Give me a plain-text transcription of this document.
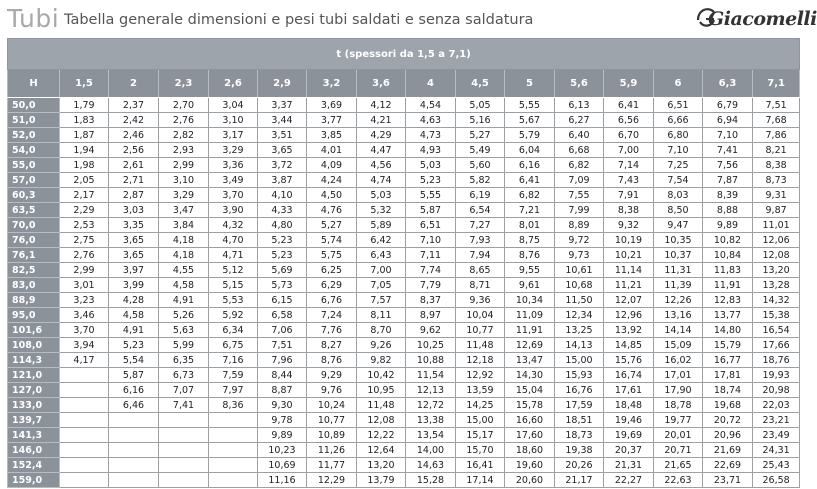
Tubi Tabella generale dimensioni e pesi tubi saldati e senza saldatura	Giacomelli
t (spessori da 1,5 a 7,1)															
H	1,5	2	2,3	2,6	2,9	3,2	3,6	4	4,5	5	5,6	5,9	6	6,3	7,1
50,0	1,79	2,37	2,70	3,04	3,37	3,69	4,12	4,54	5,05	5,55	6,13	6,41	6,51	6,79	7,51
51,0	1,83	2,42	2,76	3,10	3,44	3,77	4,21	4,63	5,16	5,67	6,27	6,56	6,66	6,94	7,68
52,0	1,87	2,46	2,82	3,17	3,51	3,85	4,29	4,73	5,27	5,79	6,40	6,70	6,80	7,10	7,86
54,0	1,94	2,56	2,93	3,29	3,65	4,01	4,47	4,93	5,49	6,04	6,68	7,00	7,10	7,41	8,21
55,0	1,98	2,61	2,99	3,36	3,72	4,09	4,56	5,03	5,60	6,16	6,82	7,14	7,25	7,56	8,38
57,0	2,05	2,71	3,10	3,49	3,87	4,24	4,74	5,23	5,82	6,41	7,09	7,43	7,54	7,87	8,73
60,3	2,17	2,87	3,29	3,70	4,10	4,50	5,03	5,55	6,19	6,82	7,55	7,91	8,03	8,39	9,31
63,5	2,29	3,03	3,47	3,90	4,33	4,76	5,32	5,87	6,54	7,21	7,99	8,38	8,50	8,88	9,87
70,0	2,53	3,35	3,84	4,32	4,80	5,27	5,89	6,51	7,27	8,01	8,89	9,32	9,47	9,89	11,01
76,0	2,75	3,65	4,18	4,70	5,23	5,74	6,42	7,10	7,93	8,75	9,72	10,19	10,35	10,82	12,06
76,1	2,76	3,65	4,18	4,71	5,23	5,75	6,43	7,11	7,94	8,76	9,73	10,21	10,37	10,84	12,08
82,5	2,99	3,97	4,55	5,12	5,69	6,25	7,00	7,74	8,65	9,55	10,61	11,14	11,31	11,83	13,20
83,0	3,01	3,99	4,58	5,15	5,73	6,29	7,05	7,79	8,71	9,61	10,68	11,21	11,39	11,91	13,28
88,9	3,23	4,28	4,91	5,53	6,15	6,76	7,57	8,37	9,36	10,34	11,50	12,07	12,26	12,83	14,32
95,0	3,46	4,58	5,26	5,92	6,58	7,24	8,11	8,97	10,04	11,09	12,34	12,96	13,16	13,77	15,38
101,6	3,70	4,91	5,63	6,34	7,06	7,76	8,70	9,62	10,77	11,91	13,25	13,92	14,14	14,80	16,54
108,0	3,94	5,23	5,99	6,75	7,51	8,27	9,26	10,25	11,48	12,69	14,13	14,85	15,09	15,79	17,66
114,3	4,17	5,54	6,35	7,16	7,96	8,76	9,82	10,88	12,18	13,47	15,00	15,76	16,02	16,77	18,76
121,0		5,87	6,73	7,59	8,44	9,29	10,42	11,54	12,92	14,30	15,93	16,74	17,01	17,81	19,93
127,0		6,16	7,07	7,97	8,87	9,76	10,95	12,13	13,59	15,04	16,76	17,61	17,90	18,74	20,98
133,0		6,46	7,41	8,36	9,30	10,24	11,48	12,72	14,25	15,78	17,59	18,48	18,78	19,68	22,03
139,7					9,78	10,77	12,08	13,38	15,00	16,60	18,51	19,46	19,77	20,72	23,21
141,3					9,89	10,89	12,22	13,54	15,17	17,60	18,73	19,69	20,01	20,96	23,49
146,0					10,23	11,26	12,64	14,00	15,70	18,60	19,38	20,37	20,71	21,69	24,31
152,4					10,69	11,77	13,20	14,63	16,41	19,60	20,26	21,31	21,65	22,69	25,43
159,0					11,16	12,29	13,79	15,28	17,14	20,60	21,17	22,27	22,63	23,71	26,58
